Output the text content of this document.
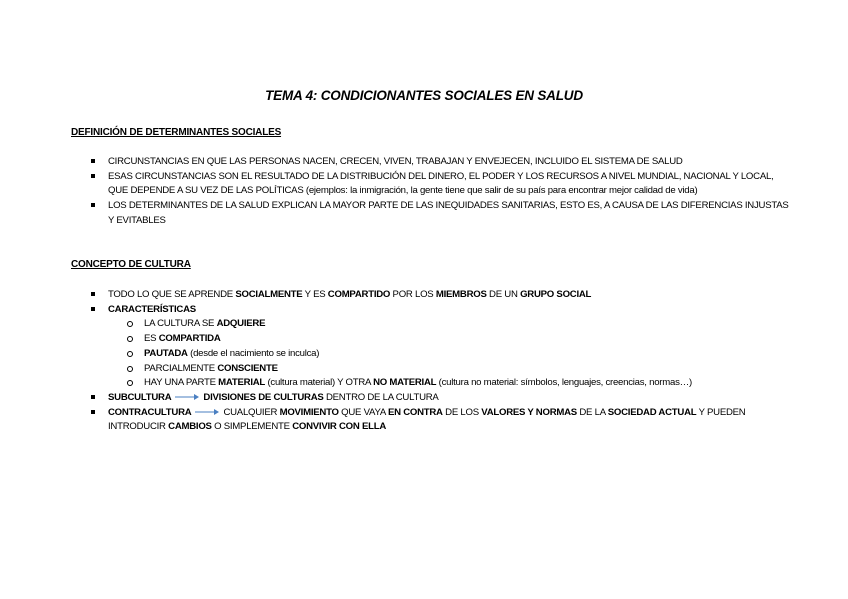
TEMA 4: CONDICIONANTES SOCIALES EN SALUD
DEFINICIÓN DE DETERMINANTES SOCIALES
CIRCUNSTANCIAS EN QUE LAS PERSONAS NACEN, CRECEN, VIVEN, TRABAJAN Y ENVEJECEN, INCLUIDO EL SISTEMA DE SALUD
ESAS CIRCUNSTANCIAS SON EL RESULTADO DE LA DISTRIBUCIÓN DEL DINERO, EL PODER Y LOS RECURSOS A NIVEL MUNDIAL, NACIONAL Y LOCAL, QUE DEPENDE A SU VEZ DE LAS POLÍTICAS (ejemplos: la inmigración, la gente tiene que salir de su país para encontrar mejor calidad de vida)
LOS DETERMINANTES DE LA SALUD EXPLICAN LA MAYOR PARTE DE LAS INEQUIDADES SANITARIAS, ESTO ES, A CAUSA DE LAS DIFERENCIAS INJUSTAS Y EVITABLES
CONCEPTO DE CULTURA
TODO LO QUE SE APRENDE SOCIALMENTE Y ES COMPARTIDO POR LOS MIEMBROS DE UN GRUPO SOCIAL
CARACTERÍSTICAS
LA CULTURA SE ADQUIERE
ES COMPARTIDA
PAUTADA (desde el nacimiento se inculca)
PARCIALMENTE CONSCIENTE
HAY UNA PARTE MATERIAL (cultura material) Y OTRA NO MATERIAL (cultura no material: símbolos, lenguajes, creencias, normas…)
SUBCULTURA	DIVISIONES DE CULTURAS DENTRO DE LA CULTURA
CONTRACULTURA	CUALQUIER MOVIMIENTO QUE VAYA EN CONTRA DE LOS VALORES Y NORMAS DE LA SOCIEDAD ACTUAL Y PUEDEN INTRODUCIR CAMBIOS O SIMPLEMENTE CONVIVIR CON ELLA
